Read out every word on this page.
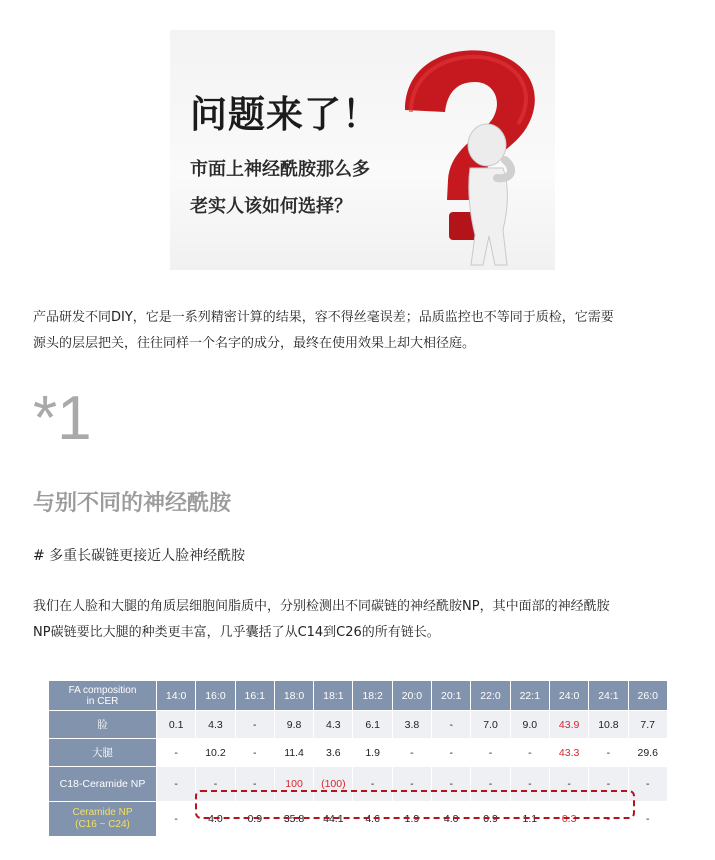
问题来了！

市面上神经酰胺那么多

老实人该如何选择？

产品研发不同DIY，它是一系列精密计算的结果，容不得丝毫误差；品质监控也不等同于质检，它需要

源头的层层把关，往往同样一个名字的成分，最终在使用效果上却大相径庭。

*1

与别不同的神经酰胺

# 多重长碳链更接近人脸神经酰胺

我们在人脸和大腿的角质层细胞间脂质中，分别检测出不同碳链的神经酰胺NP，其中面部的神经酰胺

NP碳链要比大腿的种类更丰富，几乎囊括了从C14到C26的所有链长。

FA composition
in CER	14:0	16:0	16:1	18:0	18:1	18:2	20:0	20:1	22:0	22:1	24:0	24:1	26:0
脸	0.1	4.3	-	9.8	4.3	6.1	3.8	-	7.0	9.0	43.9	10.8	7.7
大腿	-	10.2	-	11.4	3.6	1.9	-	-	-	-	43.3	-	29.6
C18-Ceramide NP	-	-	-	100	(100)	-	-	-	-	-	-	-	-
Ceramide NP
(C16 ~ C24)	-	4.0	0.9	35.8	44.1	4.6	1.9	4.0	0.9	1.1	0.3	-	-
